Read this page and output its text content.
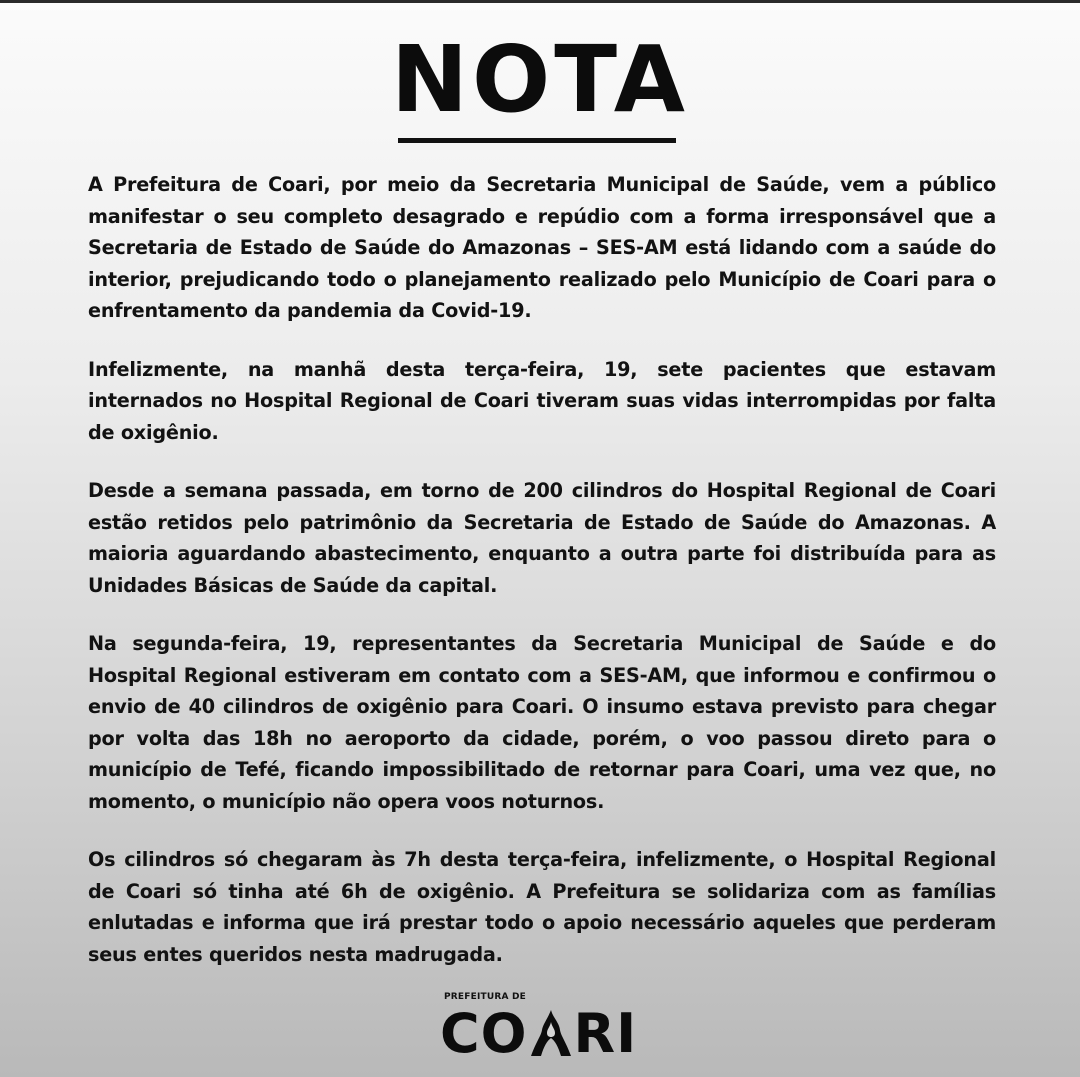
NOTA

A Prefeitura de Coari, por meio da Secretaria Municipal de Saúde, vem a público manifestar o seu completo desagrado e repúdio com a forma irresponsável que a Secretaria de Estado de Saúde do Amazonas – SES-AM está lidando com a saúde do interior, prejudicando todo o planejamento realizado pelo Município de Coari para o enfrentamento da pandemia da Covid-19.

Infelizmente, na manhã desta terça-feira, 19, sete pacientes que estavam internados no Hospital Regional de Coari tiveram suas vidas interrompidas por falta de oxigênio.

Desde a semana passada, em torno de 200 cilindros do Hospital Regional de Coari estão retidos pelo patrimônio da Secretaria de Estado de Saúde do Amazonas. A maioria aguardando abastecimento, enquanto a outra parte foi distribuída para as Unidades Básicas de Saúde da capital.

Na segunda-feira, 19, representantes da Secretaria Municipal de Saúde e do Hospital Regional estiveram em contato com a SES-AM, que informou e confirmou o envio de 40 cilindros de oxigênio para Coari. O insumo estava previsto para chegar por volta das 18h no aeroporto da cidade, porém, o voo passou direto para o município de Tefé, ficando impossibilitado de retornar para Coari, uma vez que, no momento, o município não opera voos noturnos.

Os cilindros só chegaram às 7h desta terça-feira, infelizmente, o Hospital Regional de Coari só tinha até 6h de oxigênio. A Prefeitura se solidariza com as famílias enlutadas e informa que irá prestar todo o apoio necessário aqueles que perderam seus entes queridos nesta madrugada.

PREFEITURA DE
CO RI
